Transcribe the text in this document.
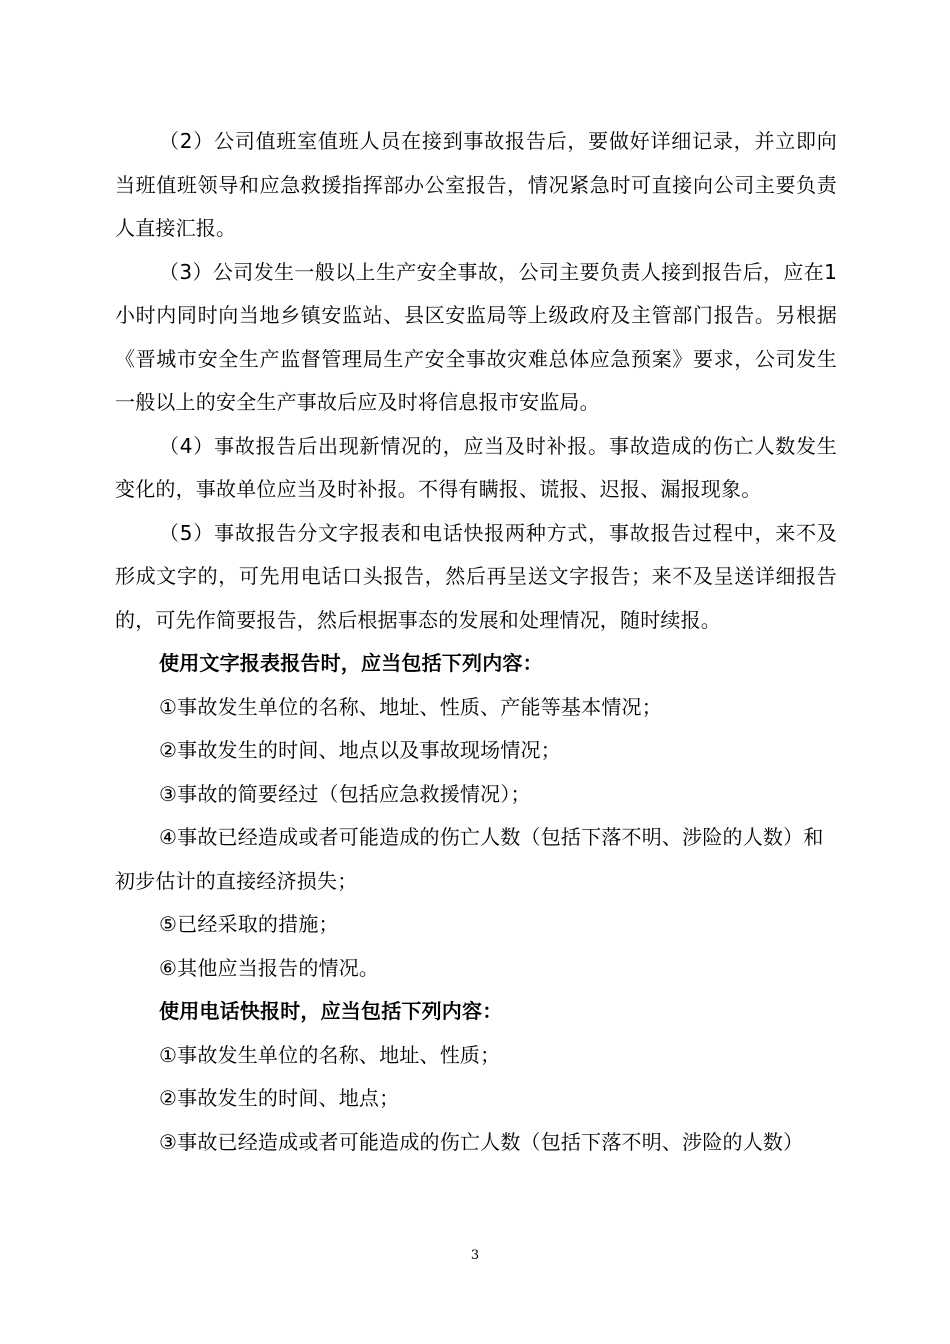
（2）公司值班室值班人员在接到事故报告后，要做好详细记录，并立即向当班值班领导和应急救援指挥部办公室报告，情况紧急时可直接向公司主要负责人直接汇报。

（3）公司发生一般以上生产安全事故，公司主要负责人接到报告后，应在1小时内同时向当地乡镇安监站、县区安监局等上级政府及主管部门报告。另根据《晋城市安全生产监督管理局生产安全事故灾难总体应急预案》要求，公司发生一般以上的安全生产事故后应及时将信息报市安监局。

（4）事故报告后出现新情况的，应当及时补报。事故造成的伤亡人数发生变化的，事故单位应当及时补报。不得有瞒报、谎报、迟报、漏报现象。

（5）事故报告分文字报表和电话快报两种方式，事故报告过程中，来不及形成文字的，可先用电话口头报告，然后再呈送文字报告；来不及呈送详细报告的，可先作简要报告，然后根据事态的发展和处理情况，随时续报。

使用文字报表报告时，应当包括下列内容：

①事故发生单位的名称、地址、性质、产能等基本情况；

②事故发生的时间、地点以及事故现场情况；

③事故的简要经过（包括应急救援情况）；

④事故已经造成或者可能造成的伤亡人数（包括下落不明、涉险的人数）和初步估计的直接经济损失；

⑤已经采取的措施；

⑥其他应当报告的情况。

使用电话快报时，应当包括下列内容：

①事故发生单位的名称、地址、性质；

②事故发生的时间、地点；

③事故已经造成或者可能造成的伤亡人数（包括下落不明、涉险的人数）

3
